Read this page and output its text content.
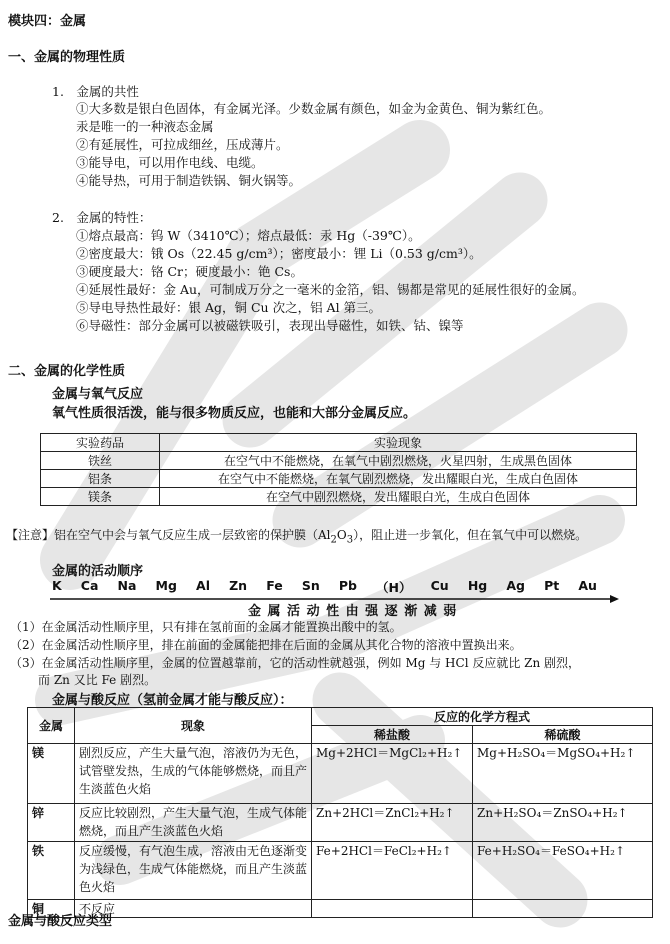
模块四：金属
一、金属的物理性质
1.　金属的共性
①大多数是银白色固体，有金属光泽。少数金属有颜色，如金为金黄色、铜为紫红色。
汞是唯一的一种液态金属
②有延展性，可拉成细丝，压成薄片。
③能导电，可以用作电线、电缆。
④能导热，可用于制造铁锅、铜火锅等。
2.　金属的特性：
①熔点最高：钨 W（3410℃）；熔点最低：汞 Hg（-39℃）。
②密度最大：锇 Os（22.45 g/cm³）；密度最小：锂 Li（0.53 g/cm³）。
③硬度最大：铬 Cr；硬度最小：铯 Cs。
④延展性最好：金 Au，可制成万分之一毫米的金箔，铝、锡都是常见的延展性很好的金属。
⑤导电导热性最好：银 Ag，铜 Cu 次之，铝 Al 第三。
⑥导磁性：部分金属可以被磁铁吸引，表现出导磁性，如铁、钴、镍等
二、金属的化学性质
金属与氧气反应
氧气性质很活泼，能与很多物质反应，也能和大部分金属反应。
实验药品	实验现象
铁丝	在空气中不能燃烧，在氧气中剧烈燃烧，火星四射，生成黑色固体
铝条	在空气中不能燃烧，在氧气剧烈燃烧，发出耀眼白光，生成白色固体
镁条	在空气中剧烈燃烧，发出耀眼白光，生成白色固体
【注意】铝在空气中会与氧气反应生成一层致密的保护膜$(Al_2O_3)$，阻止进一步氧化，但在氧气中可以燃烧。
金属的活动顺序
K Ca Na Mg Al Zn Fe Sn Pb （H） Cu Hg Ag Pt Au
金 属 活 动 性 由 强 逐 渐 减 弱
（1）在金属活动性顺序里，只有排在氢前面的金属才能置换出酸中的氢。
（2）在金属活动性顺序里，排在前面的金属能把排在后面的金属从其化合物的溶液中置换出来。
（3）在金属活动性顺序里，金属的位置越靠前，它的活动性就越强，例如 Mg 与 HCl 反应就比 Zn 剧烈，
而 Zn 又比 Fe 剧烈。
金属与酸反应（氢前金属才能与酸反应）：
金属	现象	反应的化学方程式	
		稀盐酸	稀硫酸
镁	剧烈反应，产生大量气泡，溶液仍为无色，试管壁发热，生成的气体能够燃烧，而且产生淡蓝色火焰	Mg+2HCl＝MgCl₂+H₂↑	Mg+H₂SO₄＝MgSO₄+H₂↑
锌	反应比较剧烈，产生大量气泡，生成气体能燃烧，而且产生淡蓝色火焰	Zn+2HCl＝ZnCl₂+H₂↑	Zn+H₂SO₄＝ZnSO₄+H₂↑
铁	反应缓慢，有气泡生成，溶液由无色逐渐变为浅绿色，生成气体能燃烧，而且产生淡蓝色火焰	Fe+2HCl＝FeCl₂+H₂↑	Fe+H₂SO₄＝FeSO₄+H₂↑
铜	不反应		
金属与酸反应类型
